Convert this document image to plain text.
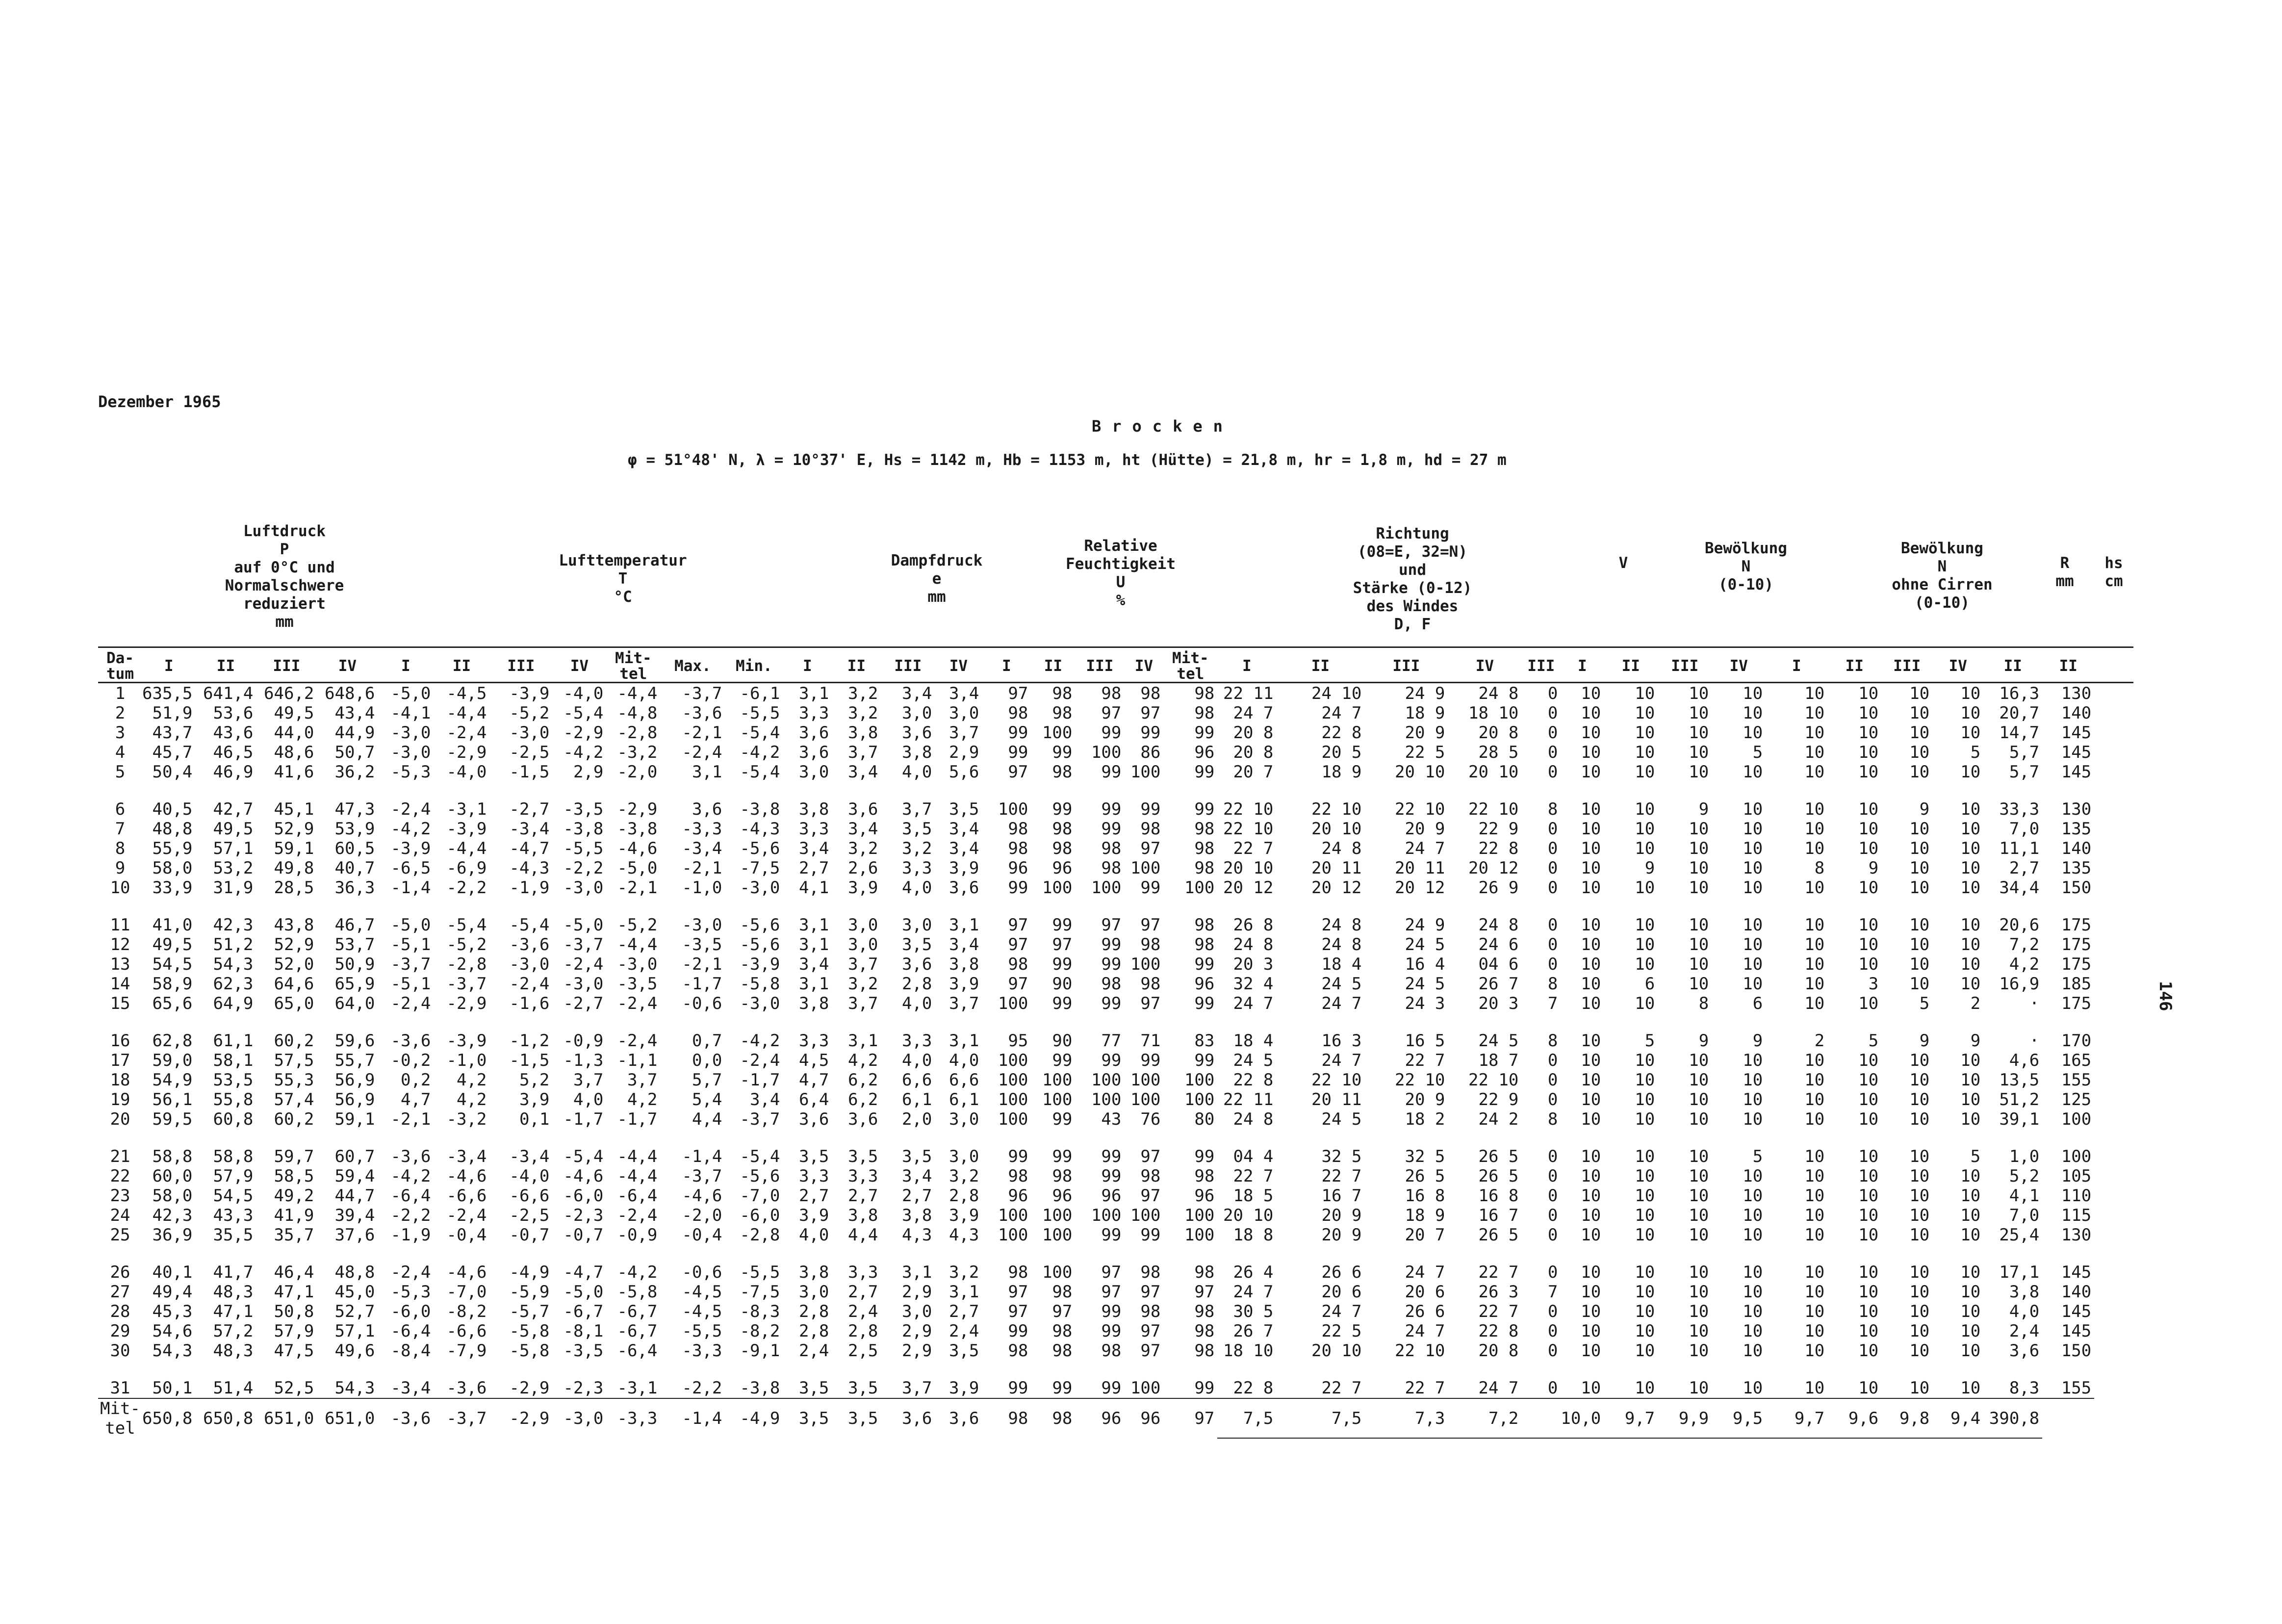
Dezember 1965
Brocken
φ = 51°48' N, λ = 10°37' E, Hs = 1142 m, Hb = 1153 m, ht (Hütte) = 21,8 m, hr = 1,8 m, hd = 27 m
Luftdruck
P
auf 0°C und
Normalschwere
reduziert
mm
Lufttemperatur
T
°C
Dampfdruck
e
mm
Relative
Feuchtigkeit
U
%
Richtung
(08=E, 32=N)
und
Stärke (0-12)
des Windes
D, F
V
Bewölkung
N
(0-10)
Bewölkung
N
ohne Cirren
(0-10)
R
mm
hs
cm
146
Da-tum	I	II	III	IV	I	II	III	IV	Mit-tel	Max.	Min.	I	II	III	IV	I	II	III	IV	Mit-tel	I	II	III	IV	III	I	II	III	IV	I	II	III	IV	II	II
1	635,5	641,4	646,2	648,6	-5,0	-4,5	-3,9	-4,0	-4,4	-3,7	-6,1	3,1	3,2	3,4	3,4	97	98	98	98	98	22 11	24 10	24 9	24 8	0	10	10	10	10	10	10	10	10	16,3	130
2	51,9	53,6	49,5	43,4	-4,1	-4,4	-5,2	-5,4	-4,8	-3,6	-5,5	3,3	3,2	3,0	3,0	98	98	97	97	98	24 7	24 7	18 9	18 10	0	10	10	10	10	10	10	10	10	20,7	140
3	43,7	43,6	44,0	44,9	-3,0	-2,4	-3,0	-2,9	-2,8	-2,1	-5,4	3,6	3,8	3,6	3,7	99	100	99	99	99	20 8	22 8	20 9	20 8	0	10	10	10	10	10	10	10	10	14,7	145
4	45,7	46,5	48,6	50,7	-3,0	-2,9	-2,5	-4,2	-3,2	-2,4	-4,2	3,6	3,7	3,8	2,9	99	99	100	86	96	20 8	20 5	22 5	28 5	0	10	10	10	5	10	10	10	5	5,7	145
5	50,4	46,9	41,6	36,2	-5,3	-4,0	-1,5	2,9	-2,0	3,1	-5,4	3,0	3,4	4,0	5,6	97	98	99	100	99	20 7	18 9	20 10	20 10	0	10	10	10	10	10	10	10	10	5,7	145

6	40,5	42,7	45,1	47,3	-2,4	-3,1	-2,7	-3,5	-2,9	3,6	-3,8	3,8	3,6	3,7	3,5	100	99	99	99	99	22 10	22 10	22 10	22 10	8	10	10	9	10	10	10	9	10	33,3	130
7	48,8	49,5	52,9	53,9	-4,2	-3,9	-3,4	-3,8	-3,8	-3,3	-4,3	3,3	3,4	3,5	3,4	98	98	99	98	98	22 10	20 10	20 9	22 9	0	10	10	10	10	10	10	10	10	7,0	135
8	55,9	57,1	59,1	60,5	-3,9	-4,4	-4,7	-5,5	-4,6	-3,4	-5,6	3,4	3,2	3,2	3,4	98	98	98	97	98	22 7	24 8	24 7	22 8	0	10	10	10	10	10	10	10	10	11,1	140
9	58,0	53,2	49,8	40,7	-6,5	-6,9	-4,3	-2,2	-5,0	-2,1	-7,5	2,7	2,6	3,3	3,9	96	96	98	100	98	20 10	20 11	20 11	20 12	0	10	9	10	10	8	9	10	10	2,7	135
10	33,9	31,9	28,5	36,3	-1,4	-2,2	-1,9	-3,0	-2,1	-1,0	-3,0	4,1	3,9	4,0	3,6	99	100	100	99	100	20 12	20 12	20 12	26 9	0	10	10	10	10	10	10	10	10	34,4	150

11	41,0	42,3	43,8	46,7	-5,0	-5,4	-5,4	-5,0	-5,2	-3,0	-5,6	3,1	3,0	3,0	3,1	97	99	97	97	98	26 8	24 8	24 9	24 8	0	10	10	10	10	10	10	10	10	20,6	175
12	49,5	51,2	52,9	53,7	-5,1	-5,2	-3,6	-3,7	-4,4	-3,5	-5,6	3,1	3,0	3,5	3,4	97	97	99	98	98	24 8	24 8	24 5	24 6	0	10	10	10	10	10	10	10	10	7,2	175
13	54,5	54,3	52,0	50,9	-3,7	-2,8	-3,0	-2,4	-3,0	-2,1	-3,9	3,4	3,7	3,6	3,8	98	99	99	100	99	20 3	18 4	16 4	04 6	0	10	10	10	10	10	10	10	10	4,2	175
14	58,9	62,3	64,6	65,9	-5,1	-3,7	-2,4	-3,0	-3,5	-1,7	-5,8	3,1	3,2	2,8	3,9	97	90	98	98	96	32 4	24 5	24 5	26 7	8	10	6	10	10	10	3	10	10	16,9	185
15	65,6	64,9	65,0	64,0	-2,4	-2,9	-1,6	-2,7	-2,4	-0,6	-3,0	3,8	3,7	4,0	3,7	100	99	99	97	99	24 7	24 7	24 3	20 3	7	10	10	8	6	10	10	5	2	·	175

16	62,8	61,1	60,2	59,6	-3,6	-3,9	-1,2	-0,9	-2,4	0,7	-4,2	3,3	3,1	3,3	3,1	95	90	77	71	83	18 4	16 3	16 5	24 5	8	10	5	9	9	2	5	9	9	·	170
17	59,0	58,1	57,5	55,7	-0,2	-1,0	-1,5	-1,3	-1,1	0,0	-2,4	4,5	4,2	4,0	4,0	100	99	99	99	99	24 5	24 7	22 7	18 7	0	10	10	10	10	10	10	10	10	4,6	165
18	54,9	53,5	55,3	56,9	0,2	4,2	5,2	3,7	3,7	5,7	-1,7	4,7	6,2	6,6	6,6	100	100	100	100	100	22 8	22 10	22 10	22 10	0	10	10	10	10	10	10	10	10	13,5	155
19	56,1	55,8	57,4	56,9	4,7	4,2	3,9	4,0	4,2	5,4	3,4	6,4	6,2	6,1	6,1	100	100	100	100	100	22 11	20 11	20 9	22 9	0	10	10	10	10	10	10	10	10	51,2	125
20	59,5	60,8	60,2	59,1	-2,1	-3,2	0,1	-1,7	-1,7	4,4	-3,7	3,6	3,6	2,0	3,0	100	99	43	76	80	24 8	24 5	18 2	24 2	8	10	10	10	10	10	10	10	10	39,1	100

21	58,8	58,8	59,7	60,7	-3,6	-3,4	-3,4	-5,4	-4,4	-1,4	-5,4	3,5	3,5	3,5	3,0	99	99	99	97	99	04 4	32 5	32 5	26 5	0	10	10	10	5	10	10	10	5	1,0	100
22	60,0	57,9	58,5	59,4	-4,2	-4,6	-4,0	-4,6	-4,4	-3,7	-5,6	3,3	3,3	3,4	3,2	98	98	99	98	98	22 7	22 7	26 5	26 5	0	10	10	10	10	10	10	10	10	5,2	105
23	58,0	54,5	49,2	44,7	-6,4	-6,6	-6,6	-6,0	-6,4	-4,6	-7,0	2,7	2,7	2,7	2,8	96	96	96	97	96	18 5	16 7	16 8	16 8	0	10	10	10	10	10	10	10	10	4,1	110
24	42,3	43,3	41,9	39,4	-2,2	-2,4	-2,5	-2,3	-2,4	-2,0	-6,0	3,9	3,8	3,8	3,9	100	100	100	100	100	20 10	20 9	18 9	16 7	0	10	10	10	10	10	10	10	10	7,0	115
25	36,9	35,5	35,7	37,6	-1,9	-0,4	-0,7	-0,7	-0,9	-0,4	-2,8	4,0	4,4	4,3	4,3	100	100	99	99	100	18 8	20 9	20 7	26 5	0	10	10	10	10	10	10	10	10	25,4	130

26	40,1	41,7	46,4	48,8	-2,4	-4,6	-4,9	-4,7	-4,2	-0,6	-5,5	3,8	3,3	3,1	3,2	98	100	97	98	98	26 4	26 6	24 7	22 7	0	10	10	10	10	10	10	10	10	17,1	145
27	49,4	48,3	47,1	45,0	-5,3	-7,0	-5,9	-5,0	-5,8	-4,5	-7,5	3,0	2,7	2,9	3,1	97	98	97	97	97	24 7	20 6	20 6	26 3	7	10	10	10	10	10	10	10	10	3,8	140
28	45,3	47,1	50,8	52,7	-6,0	-8,2	-5,7	-6,7	-6,7	-4,5	-8,3	2,8	2,4	3,0	2,7	97	97	99	98	98	30 5	24 7	26 6	22 7	0	10	10	10	10	10	10	10	10	4,0	145
29	54,6	57,2	57,9	57,1	-6,4	-6,6	-5,8	-8,1	-6,7	-5,5	-8,2	2,8	2,8	2,9	2,4	99	98	99	97	98	26 7	22 5	24 7	22 8	0	10	10	10	10	10	10	10	10	2,4	145
30	54,3	48,3	47,5	49,6	-8,4	-7,9	-5,8	-3,5	-6,4	-3,3	-9,1	2,4	2,5	2,9	3,5	98	98	98	97	98	18 10	20 10	22 10	20 8	0	10	10	10	10	10	10	10	10	3,6	150

31	50,1	51,4	52,5	54,3	-3,4	-3,6	-2,9	-2,3	-3,1	-2,2	-3,8	3,5	3,5	3,7	3,9	99	99	99	100	99	22 8	22 7	22 7	24 7	0	10	10	10	10	10	10	10	10	8,3	155
Mit-tel	650,8	650,8	651,0	651,0	-3,6	-3,7	-2,9	-3,0	-3,3	-1,4	-4,9	3,5	3,5	3,6	3,6	98	98	96	96	97	7,5	7,5	7,3	7,2		10,0	9,7	9,9	9,5	9,7	9,6	9,8	9,4	390,8	
